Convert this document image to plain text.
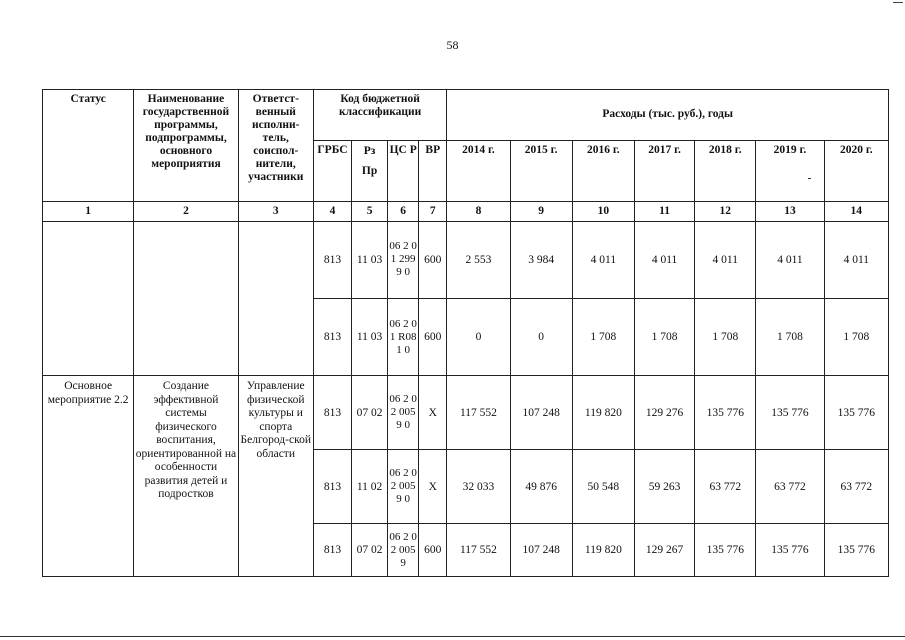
58
Статус	Наименование государственной программы, подпрограммы, основного мероприятия	Ответст-венный исполни-тель, соиспол-нители, участники	Код бюджетной классификации				Расходы (тыс. руб.), годы						
			ГРБС	Рз	ЦС Р	ВР	2014 г.	2015 г.	2016 г.	2017 г.	2018 г.	2019 г.	2020 г.
				Пр									
1	2	3	4	5	6	7	8	9	10	11	12	13	14
			813	11 03	06 2 01 2999 0	600	2 553	3 984	4 011	4 011	4 011	4 011	4 011
			813	11 03	06 2 01 R081 0	600	0	0	1 708	1 708	1 708	1 708	1 708
Основное мероприятие 2.2	Создание эффективной системы физического воспитания, ориентированной на особенности развития детей и подростков	Управление физической культуры и спорта Белгород-ской области	813	07 02	06 2 02 0059 0	Х	117 552	107 248	119 820	129 276	135 776	135 776	135 776
			813	11 02	06 2 02 0059 0	Х	32 033	49 876	50 548	59 263	63 772	63 772	63 772
			813	07 02	06 2 02 0059	600	117 552	107 248	119 820	129 267	135 776	135 776	135 776
